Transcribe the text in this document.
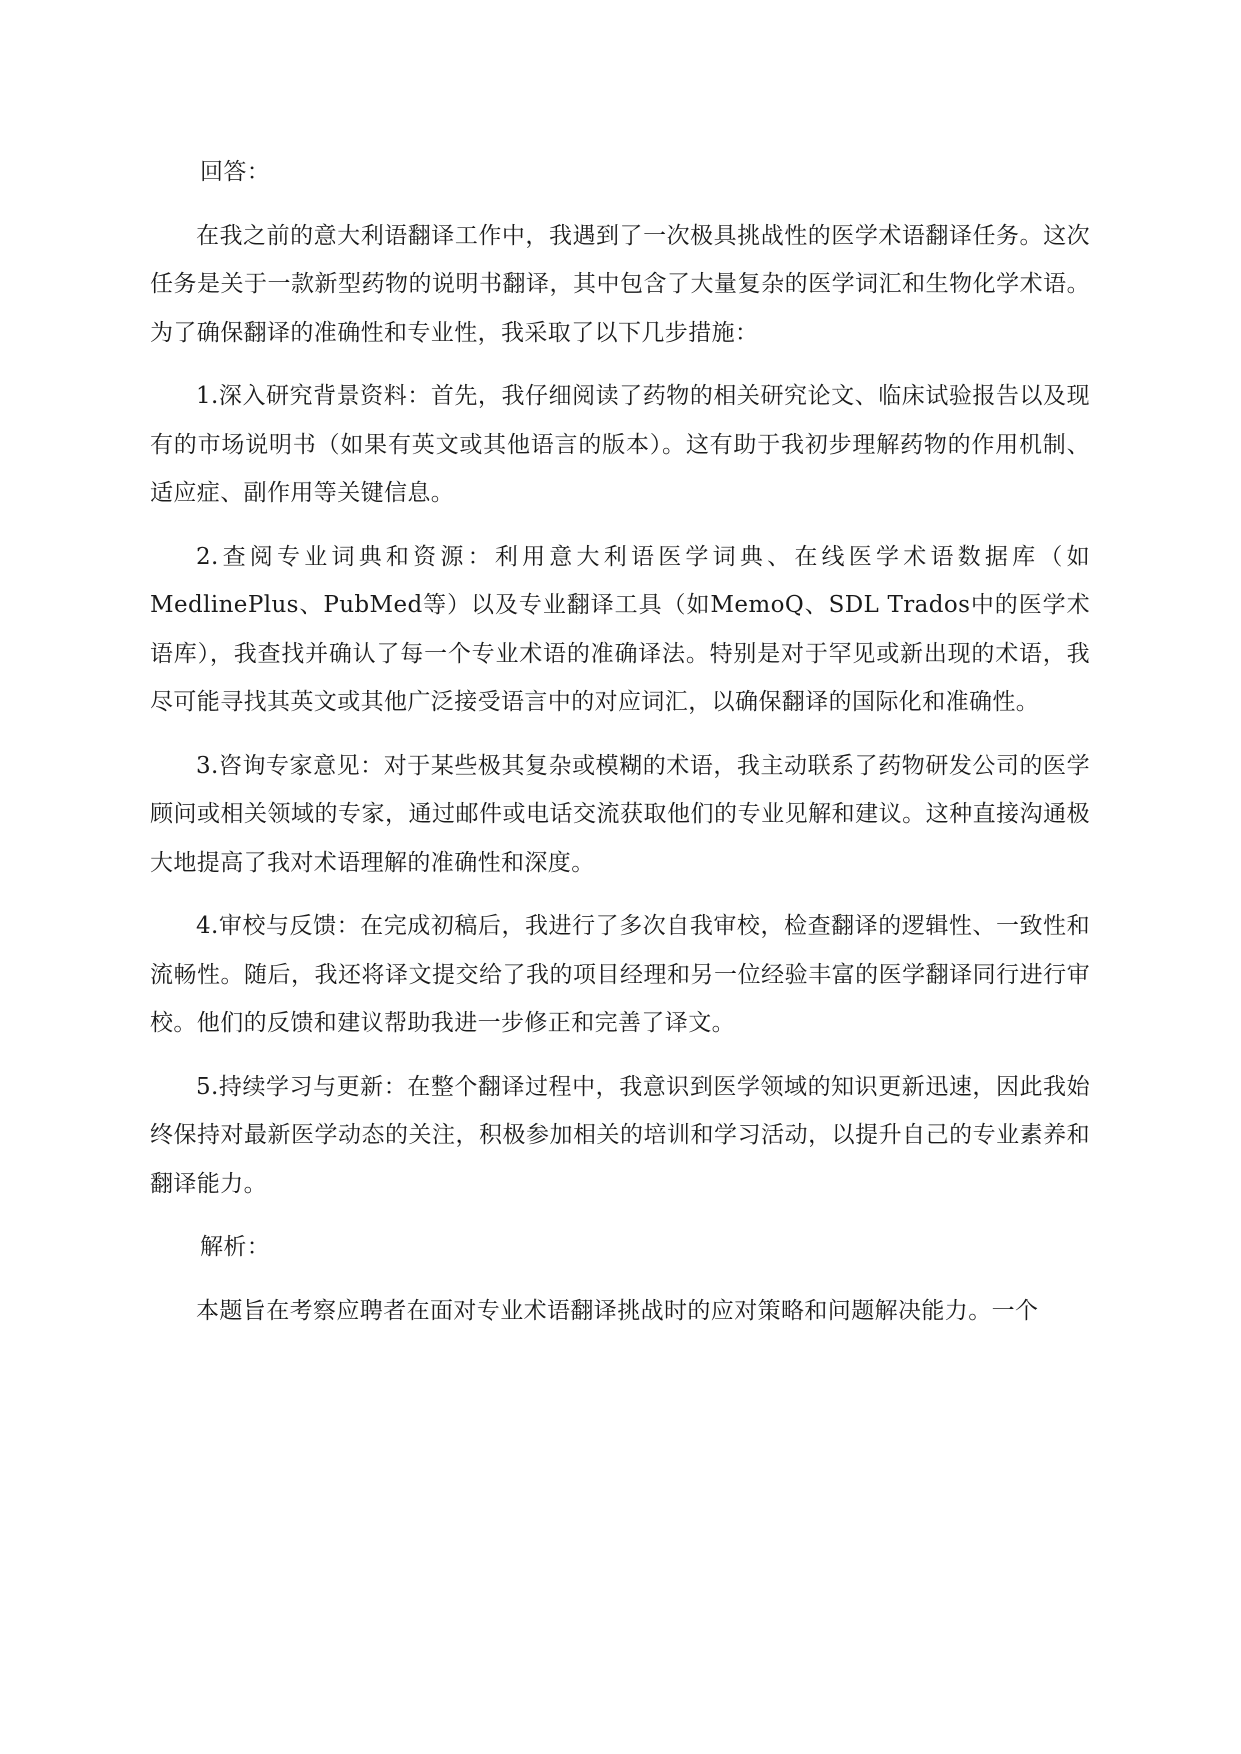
回答：

在我之前的意大利语翻译工作中，我遇到了一次极具挑战性的医学术语翻译任务。这次任务是关于一款新型药物的说明书翻译，其中包含了大量复杂的医学词汇和生物化学术语。为了确保翻译的准确性和专业性，我采取了以下几步措施：

1.深入研究背景资料：首先，我仔细阅读了药物的相关研究论文、临床试验报告以及现有的市场说明书（如果有英文或其他语言的版本）。这有助于我初步理解药物的作用机制、适应症、副作用等关键信息。

2.查阅专业词典和资源：利用意大利语医学词典、在线医学术语数据库（如MedlinePlus、PubMed等）以及专业翻译工具（如MemoQ、SDL Trados中的医学术语库），我查找并确认了每一个专业术语的准确译法。特别是对于罕见或新出现的术语，我尽可能寻找其英文或其他广泛接受语言中的对应词汇，以确保翻译的国际化和准确性。

3.咨询专家意见：对于某些极其复杂或模糊的术语，我主动联系了药物研发公司的医学顾问或相关领域的专家，通过邮件或电话交流获取他们的专业见解和建议。这种直接沟通极大地提高了我对术语理解的准确性和深度。

4.审校与反馈：在完成初稿后，我进行了多次自我审校，检查翻译的逻辑性、一致性和流畅性。随后，我还将译文提交给了我的项目经理和另一位经验丰富的医学翻译同行进行审校。他们的反馈和建议帮助我进一步修正和完善了译文。

5.持续学习与更新：在整个翻译过程中，我意识到医学领域的知识更新迅速，因此我始终保持对最新医学动态的关注，积极参加相关的培训和学习活动，以提升自己的专业素养和翻译能力。

解析：

本题旨在考察应聘者在面对专业术语翻译挑战时的应对策略和问题解决能力。一个
